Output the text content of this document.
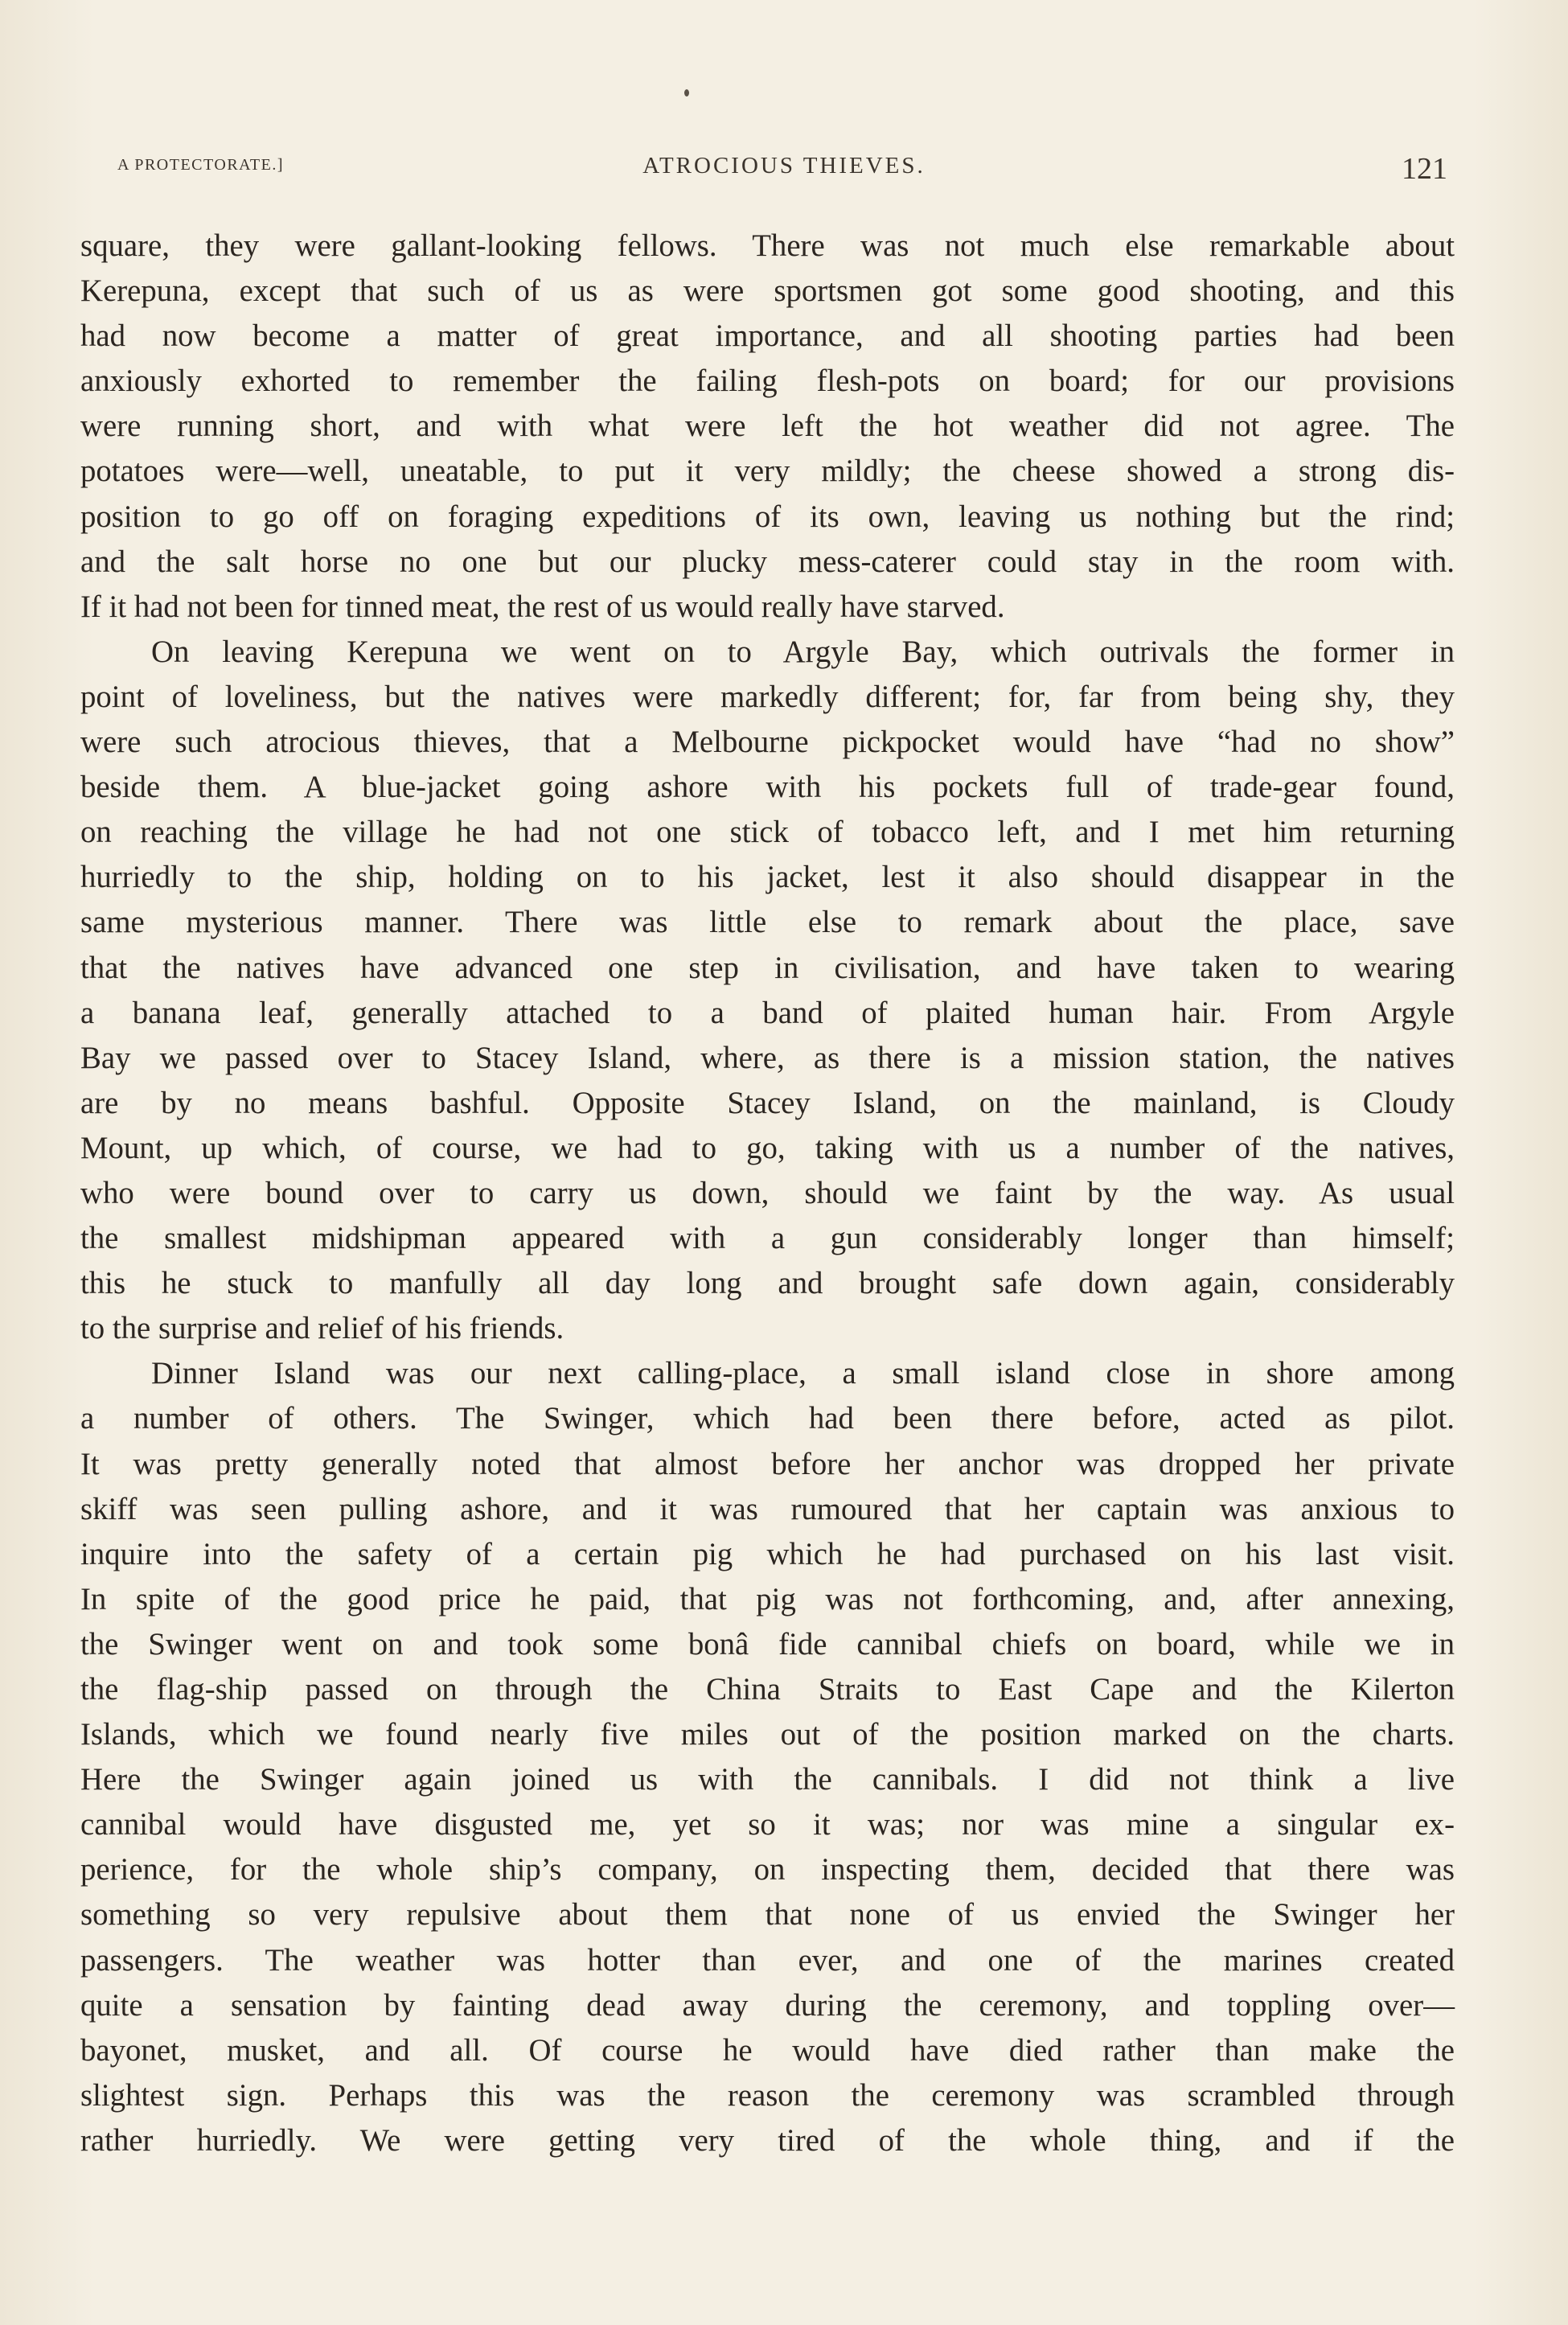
A PROTECTORATE.]	ATROCIOUS THIEVES.	121
square, they were gallant-looking fellows. There was not much else remarkable about
Kerepuna, except that such of us as were sportsmen got some good shooting, and this
had now become a matter of great importance, and all shooting parties had been
anxiously exhorted to remember the failing flesh-pots on board; for our provisions
were running short, and with what were left the hot weather did not agree. The
potatoes were—well, uneatable, to put it very mildly; the cheese showed a strong dis-
position to go off on foraging expeditions of its own, leaving us nothing but the rind;
and the salt horse no one but our plucky mess-caterer could stay in the room with.
If it had not been for tinned meat, the rest of us would really have starved.
On leaving Kerepuna we went on to Argyle Bay, which outrivals the former in
point of loveliness, but the natives were markedly different; for, far from being shy, they
were such atrocious thieves, that a Melbourne pickpocket would have “had no show”
beside them. A blue-jacket going ashore with his pockets full of trade-gear found,
on reaching the village he had not one stick of tobacco left, and I met him returning
hurriedly to the ship, holding on to his jacket, lest it also should disappear in the
same mysterious manner. There was little else to remark about the place, save
that the natives have advanced one step in civilisation, and have taken to wearing
a banana leaf, generally attached to a band of plaited human hair. From Argyle
Bay we passed over to Stacey Island, where, as there is a mission station, the natives
are by no means bashful. Opposite Stacey Island, on the mainland, is Cloudy
Mount, up which, of course, we had to go, taking with us a number of the natives,
who were bound over to carry us down, should we faint by the way. As usual
the smallest midshipman appeared with a gun considerably longer than himself;
this he stuck to manfully all day long and brought safe down again, considerably
to the surprise and relief of his friends.
Dinner Island was our next calling-place, a small island close in shore among
a number of others. The Swinger, which had been there before, acted as pilot.
It was pretty generally noted that almost before her anchor was dropped her private
skiff was seen pulling ashore, and it was rumoured that her captain was anxious to
inquire into the safety of a certain pig which he had purchased on his last visit.
In spite of the good price he paid, that pig was not forthcoming, and, after annexing,
the Swinger went on and took some bonâ fide cannibal chiefs on board, while we in
the flag-ship passed on through the China Straits to East Cape and the Kilerton
Islands, which we found nearly five miles out of the position marked on the charts.
Here the Swinger again joined us with the cannibals. I did not think a live
cannibal would have disgusted me, yet so it was; nor was mine a singular ex-
perience, for the whole ship’s company, on inspecting them, decided that there was
something so very repulsive about them that none of us envied the Swinger her
passengers. The weather was hotter than ever, and one of the marines created
quite a sensation by fainting dead away during the ceremony, and toppling over—
bayonet, musket, and all. Of course he would have died rather than make the
slightest sign. Perhaps this was the reason the ceremony was scrambled through
rather hurriedly. We were getting very tired of the whole thing, and if the
